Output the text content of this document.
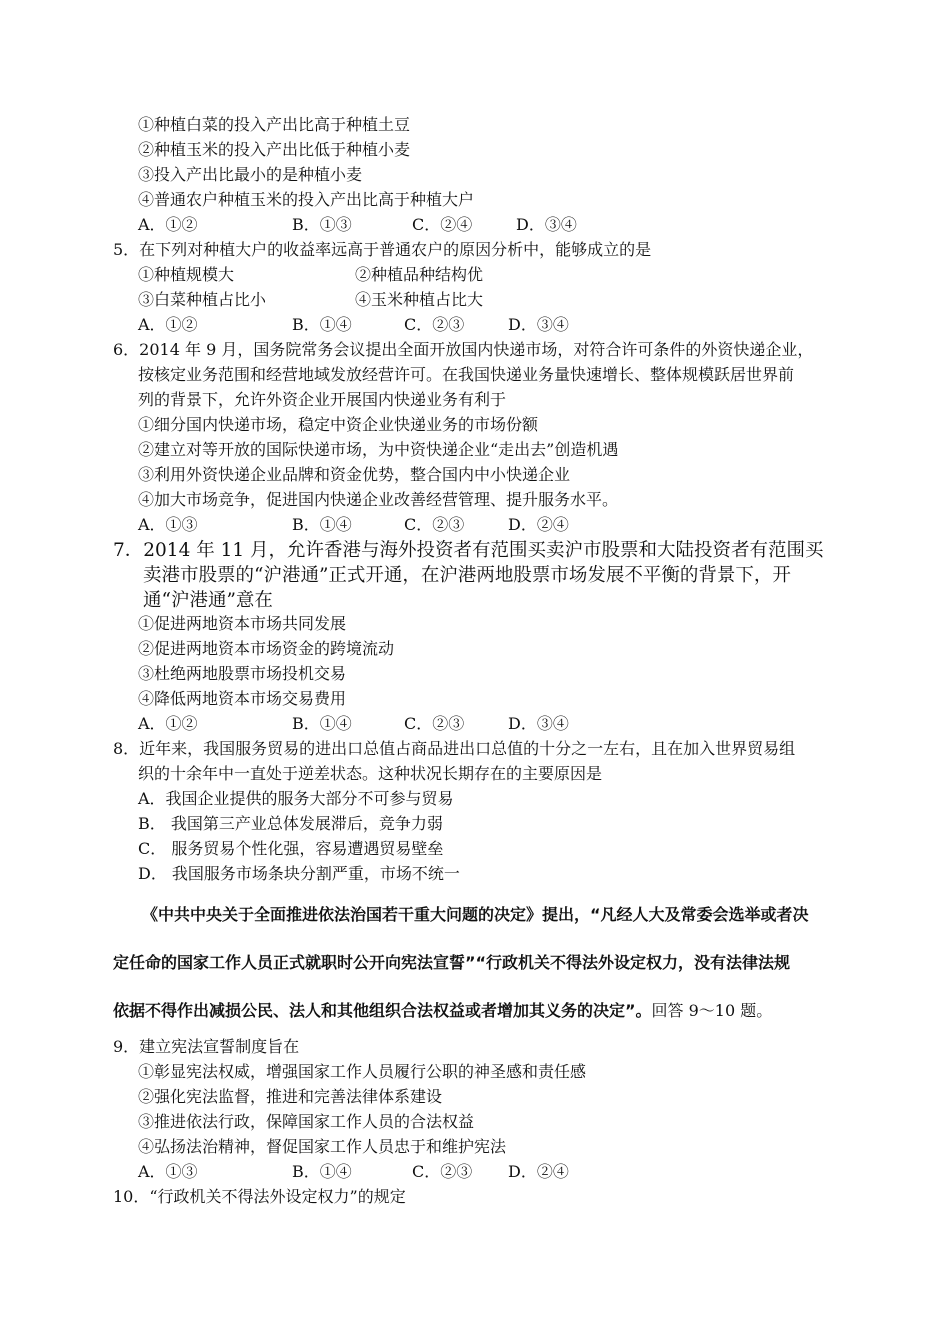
①种植白菜的投入产出比高于种植土豆
②种植玉米的投入产出比低于种植小麦
③投入产出比最小的是种植小麦
④普通农户种植玉米的投入产出比高于种植大户
A．①②	B．①③	C．②④	D．③④
5．在下列对种植大户的收益率远高于普通农户的原因分析中，能够成立的是
①种植规模大	②种植品种结构优
③白菜种植占比小	④玉米种植占比大
A．①②	B．①④	C．②③	D．③④
6．2014 年 9 月，国务院常务会议提出全面开放国内快递市场，对符合许可条件的外资快递企业，
按核定业务范围和经营地域发放经营许可。在我国快递业务量快速增长、整体规模跃居世界前
列的背景下，允许外资企业开展国内快递业务有利于
①细分国内快递市场，稳定中资企业快递业务的市场份额
②建立对等开放的国际快递市场，为中资快递企业“走出去”创造机遇
③利用外资快递企业品牌和资金优势，整合国内中小快递企业
④加大市场竞争，促进国内快递企业改善经营管理、提升服务水平。
A．①③	B．①④	C．②③	D．②④
7．2014 年 11 月，允许香港与海外投资者有范围买卖沪市股票和大陆投资者有范围买
卖港市股票的“沪港通”正式开通，在沪港两地股票市场发展不平衡的背景下，开
通“沪港通”意在
①促进两地资本市场共同发展
②促进两地资本市场资金的跨境流动
③杜绝两地股票市场投机交易
④降低两地资本市场交易费用
A．①②	B．①④	C．②③	D．③④
8．近年来，我国服务贸易的进出口总值占商品进出口总值的十分之一左右，且在加入世界贸易组
织的十余年中一直处于逆差状态。这种状况长期存在的主要原因是
A．我国企业提供的服务大部分不可参与贸易
B． 我国第三产业总体发展滞后，竞争力弱
C． 服务贸易个性化强，容易遭遇贸易壁垒
D． 我国服务市场条块分割严重，市场不统一
《中共中央关于全面推进依法治国若干重大问题的决定》提出，“凡经人大及常委会选举或者决
定任命的国家工作人员正式就职时公开向宪法宣誓”“行政机关不得法外设定权力，没有法律法规
依据不得作出减损公民、法人和其他组织合法权益或者增加其义务的决定”。回答 9～10 题。
9．建立宪法宣誓制度旨在
①彰显宪法权威，增强国家工作人员履行公职的神圣感和责任感
②强化宪法监督，推进和完善法律体系建设
③推进依法行政，保障国家工作人员的合法权益
④弘扬法治精神，督促国家工作人员忠于和维护宪法
A．①③	B．①④	C．②③ D．②④
10．“行政机关不得法外设定权力”的规定
